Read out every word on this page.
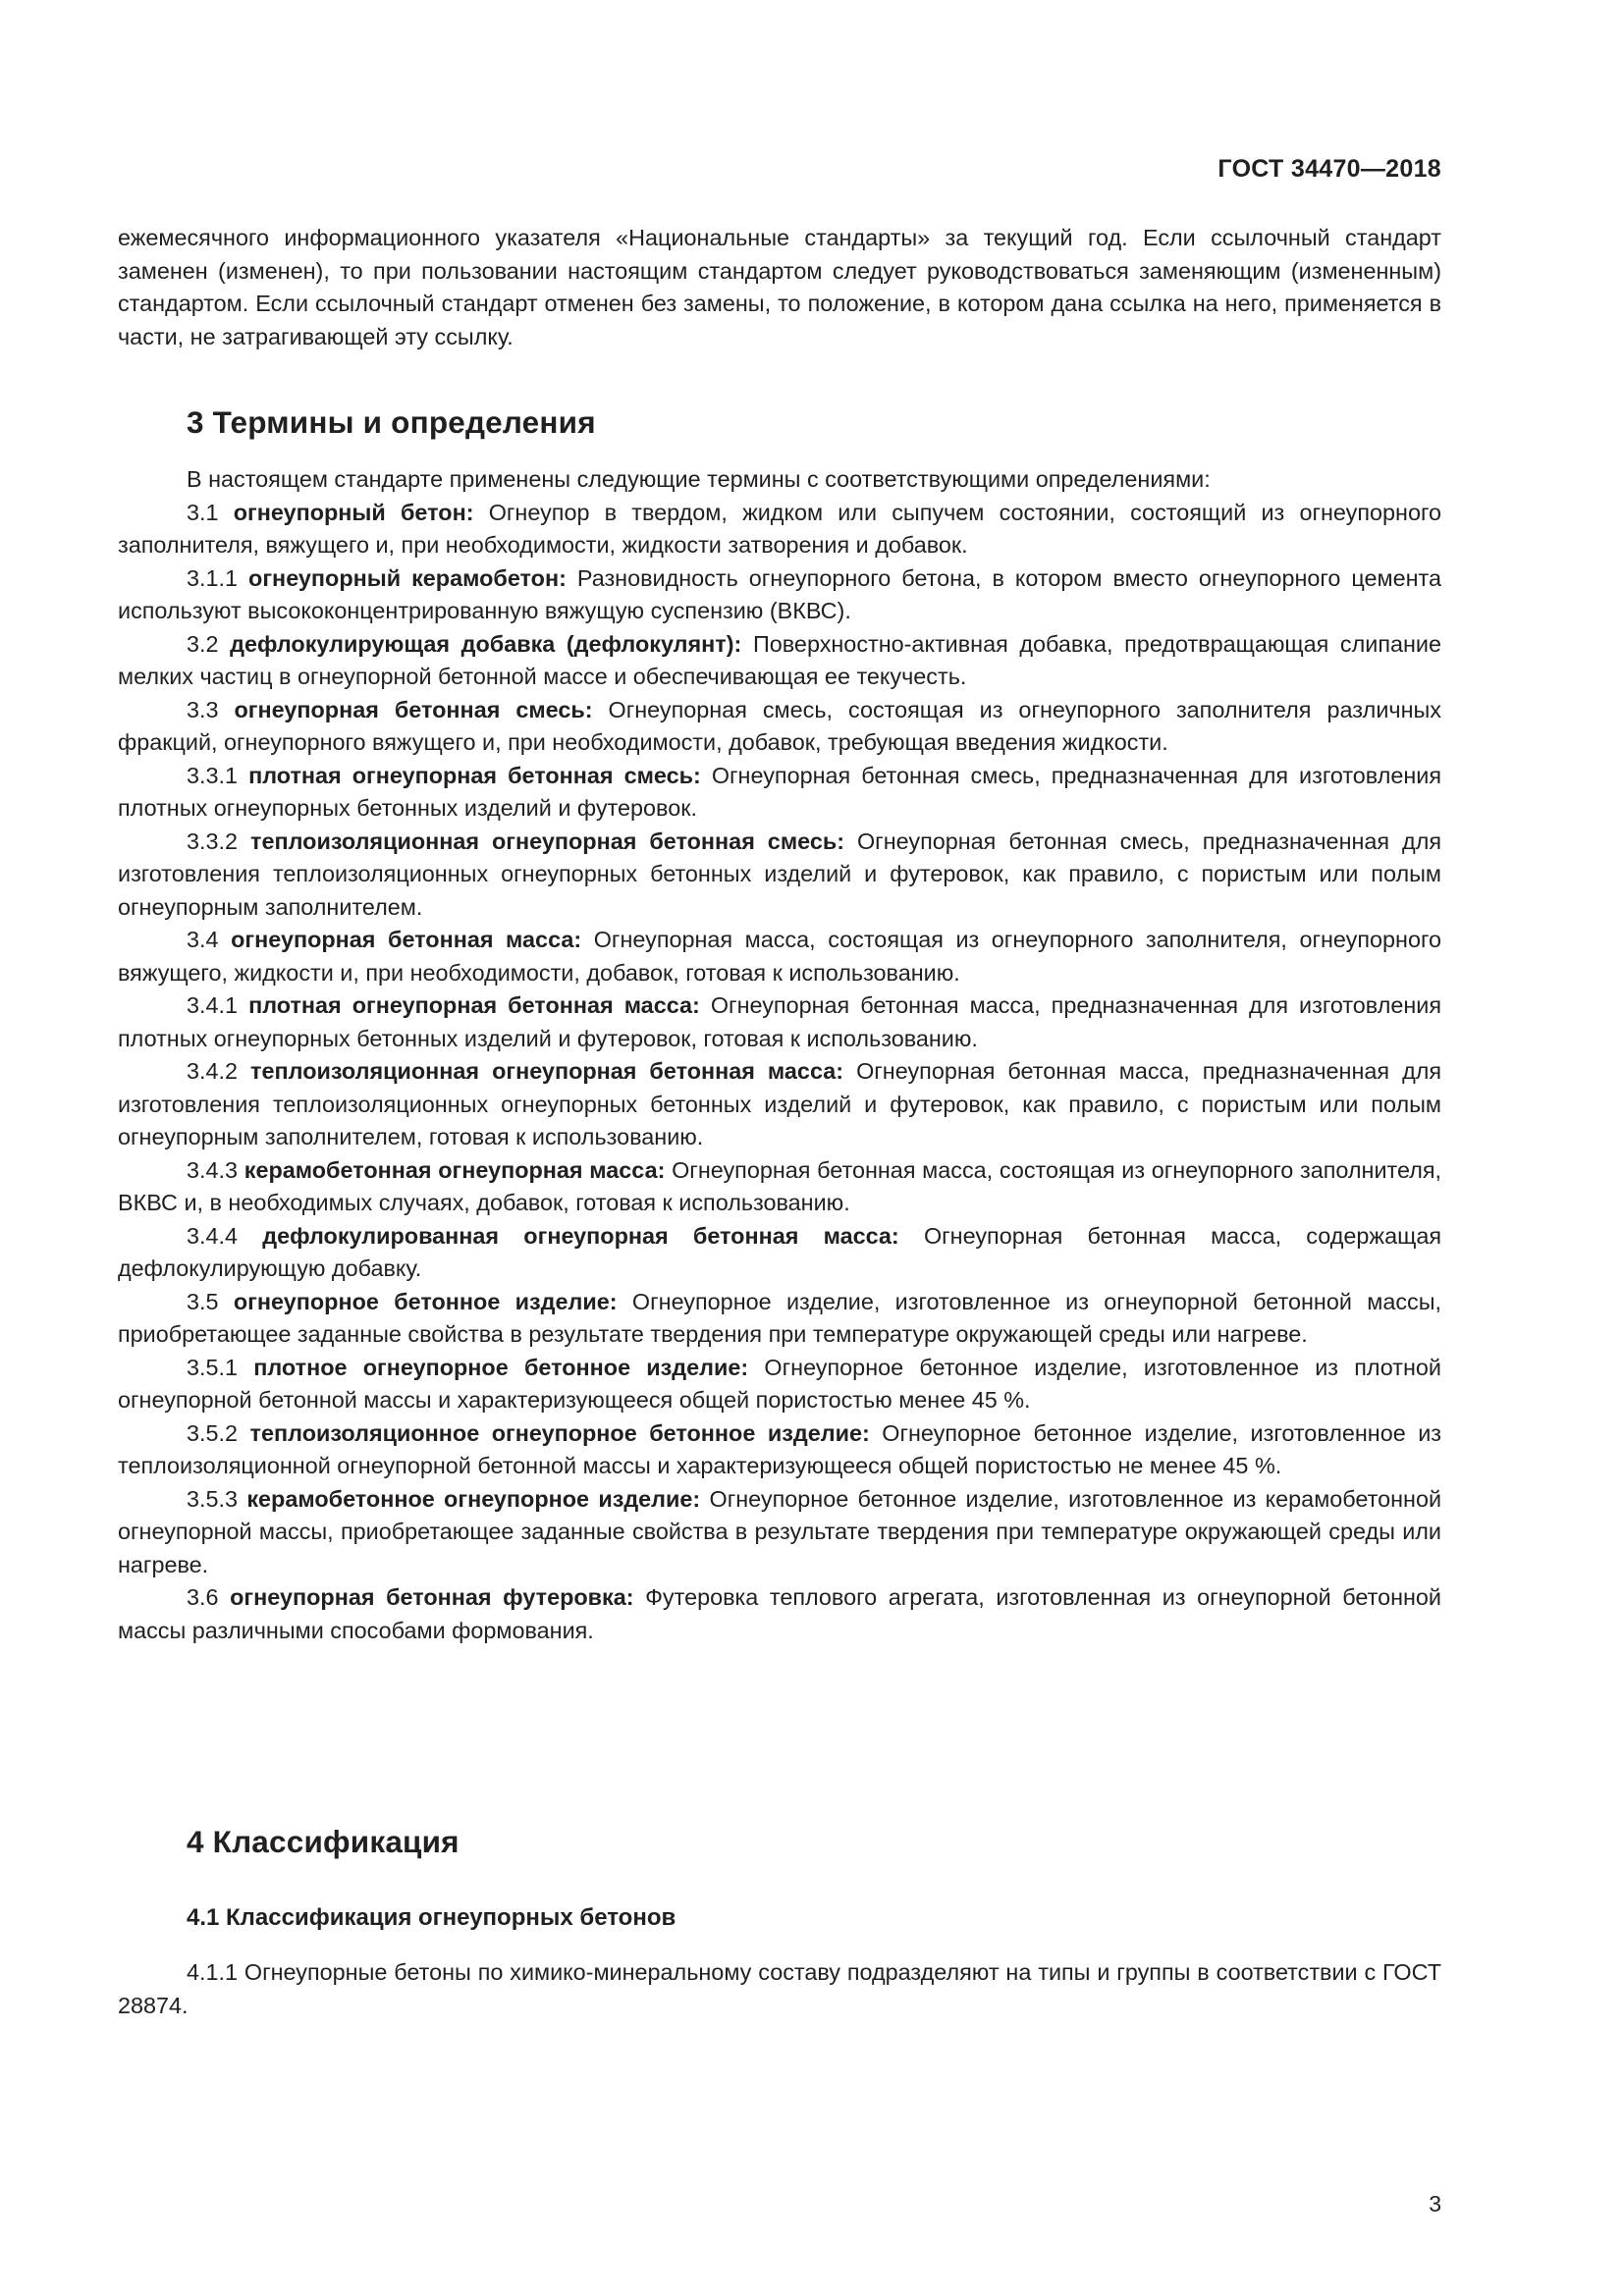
ГОСТ 34470—2018

ежемесячного информационного указателя «Национальные стандарты» за текущий год. Если ссылочный стандарт заменен (изменен), то при пользовании настоящим стандартом следует руководствоваться заменяющим (измененным) стандартом. Если ссылочный стандарт отменен без замены, то положение, в котором дана ссылка на него, применяется в части, не затрагивающей эту ссылку.

3 Термины и определения

В настоящем стандарте применены следующие термины с соответствующими определениями:

3.1 огнеупорный бетон: Огнеупор в твердом, жидком или сыпучем состоянии, состоящий из огнеупорного заполнителя, вяжущего и, при необходимости, жидкости затворения и добавок.

3.1.1 огнеупорный керамобетон: Разновидность огнеупорного бетона, в котором вместо огнеупорного цемента используют высококонцентрированную вяжущую суспензию (ВКВС).

3.2 дефлокулирующая добавка (дефлокулянт): Поверхностно-активная добавка, предотвращающая слипание мелких частиц в огнеупорной бетонной массе и обеспечивающая ее текучесть.

3.3 огнеупорная бетонная смесь: Огнеупорная смесь, состоящая из огнеупорного заполнителя различных фракций, огнеупорного вяжущего и, при необходимости, добавок, требующая введения жидкости.

3.3.1 плотная огнеупорная бетонная смесь: Огнеупорная бетонная смесь, предназначенная для изготовления плотных огнеупорных бетонных изделий и футеровок.

3.3.2 теплоизоляционная огнеупорная бетонная смесь: Огнеупорная бетонная смесь, предназначенная для изготовления теплоизоляционных огнеупорных бетонных изделий и футеровок, как правило, с пористым или полым огнеупорным заполнителем.

3.4 огнеупорная бетонная масса: Огнеупорная масса, состоящая из огнеупорного заполнителя, огнеупорного вяжущего, жидкости и, при необходимости, добавок, готовая к использованию.

3.4.1 плотная огнеупорная бетонная масса: Огнеупорная бетонная масса, предназначенная для изготовления плотных огнеупорных бетонных изделий и футеровок, готовая к использованию.

3.4.2 теплоизоляционная огнеупорная бетонная масса: Огнеупорная бетонная масса, предназначенная для изготовления теплоизоляционных огнеупорных бетонных изделий и футеровок, как правило, с пористым или полым огнеупорным заполнителем, готовая к использованию.

3.4.3 керамобетонная огнеупорная масса: Огнеупорная бетонная масса, состоящая из огнеупорного заполнителя, ВКВС и, в необходимых случаях, добавок, готовая к использованию.

3.4.4 дефлокулированная огнеупорная бетонная масса: Огнеупорная бетонная масса, содержащая дефлокулирующую добавку.

3.5 огнеупорное бетонное изделие: Огнеупорное изделие, изготовленное из огнеупорной бетонной массы, приобретающее заданные свойства в результате твердения при температуре окружающей среды или нагреве.

3.5.1 плотное огнеупорное бетонное изделие: Огнеупорное бетонное изделие, изготовленное из плотной огнеупорной бетонной массы и характеризующееся общей пористостью менее 45 %.

3.5.2 теплоизоляционное огнеупорное бетонное изделие: Огнеупорное бетонное изделие, изготовленное из теплоизоляционной огнеупорной бетонной массы и характеризующееся общей пористостью не менее 45 %.

3.5.3 керамобетонное огнеупорное изделие: Огнеупорное бетонное изделие, изготовленное из керамобетонной огнеупорной массы, приобретающее заданные свойства в результате твердения при температуре окружающей среды или нагреве.

3.6 огнеупорная бетонная футеровка: Футеровка теплового агрегата, изготовленная из огнеупорной бетонной массы различными способами формования.

4 Классификация
4.1 Классификация огнеупорных бетонов

4.1.1 Огнеупорные бетоны по химико-минеральному составу подразделяют на типы и группы в соответствии с ГОСТ 28874.

3
